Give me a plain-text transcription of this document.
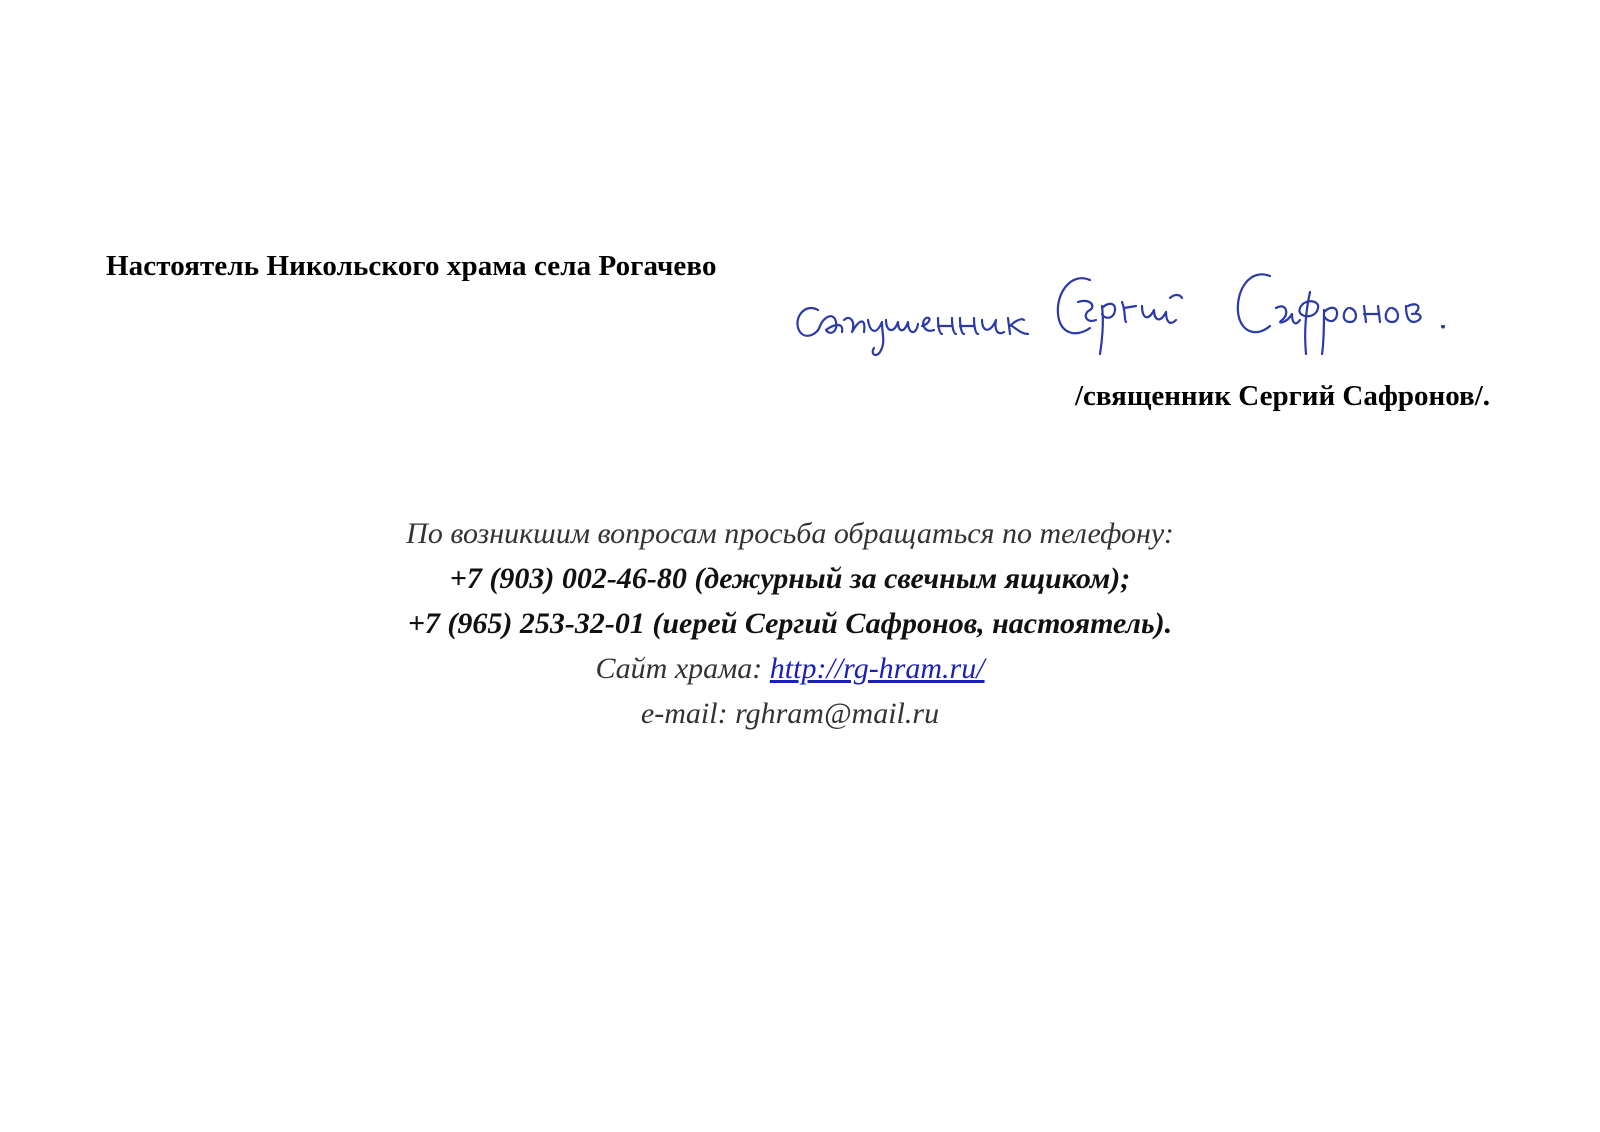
Настоятель Никольского храма села Рогачево
/священник Сергий Сафронов/.
По возникшим вопросам просьба обращаться по телефону:
+7 (903) 002-46-80 (дежурный за свечным ящиком);
+7 (965) 253-32-01 (иерей Сергий Сафронов, настоятель).
Сайт храма: http://rg-hram.ru/
e-mail: rghram@mail.ru
